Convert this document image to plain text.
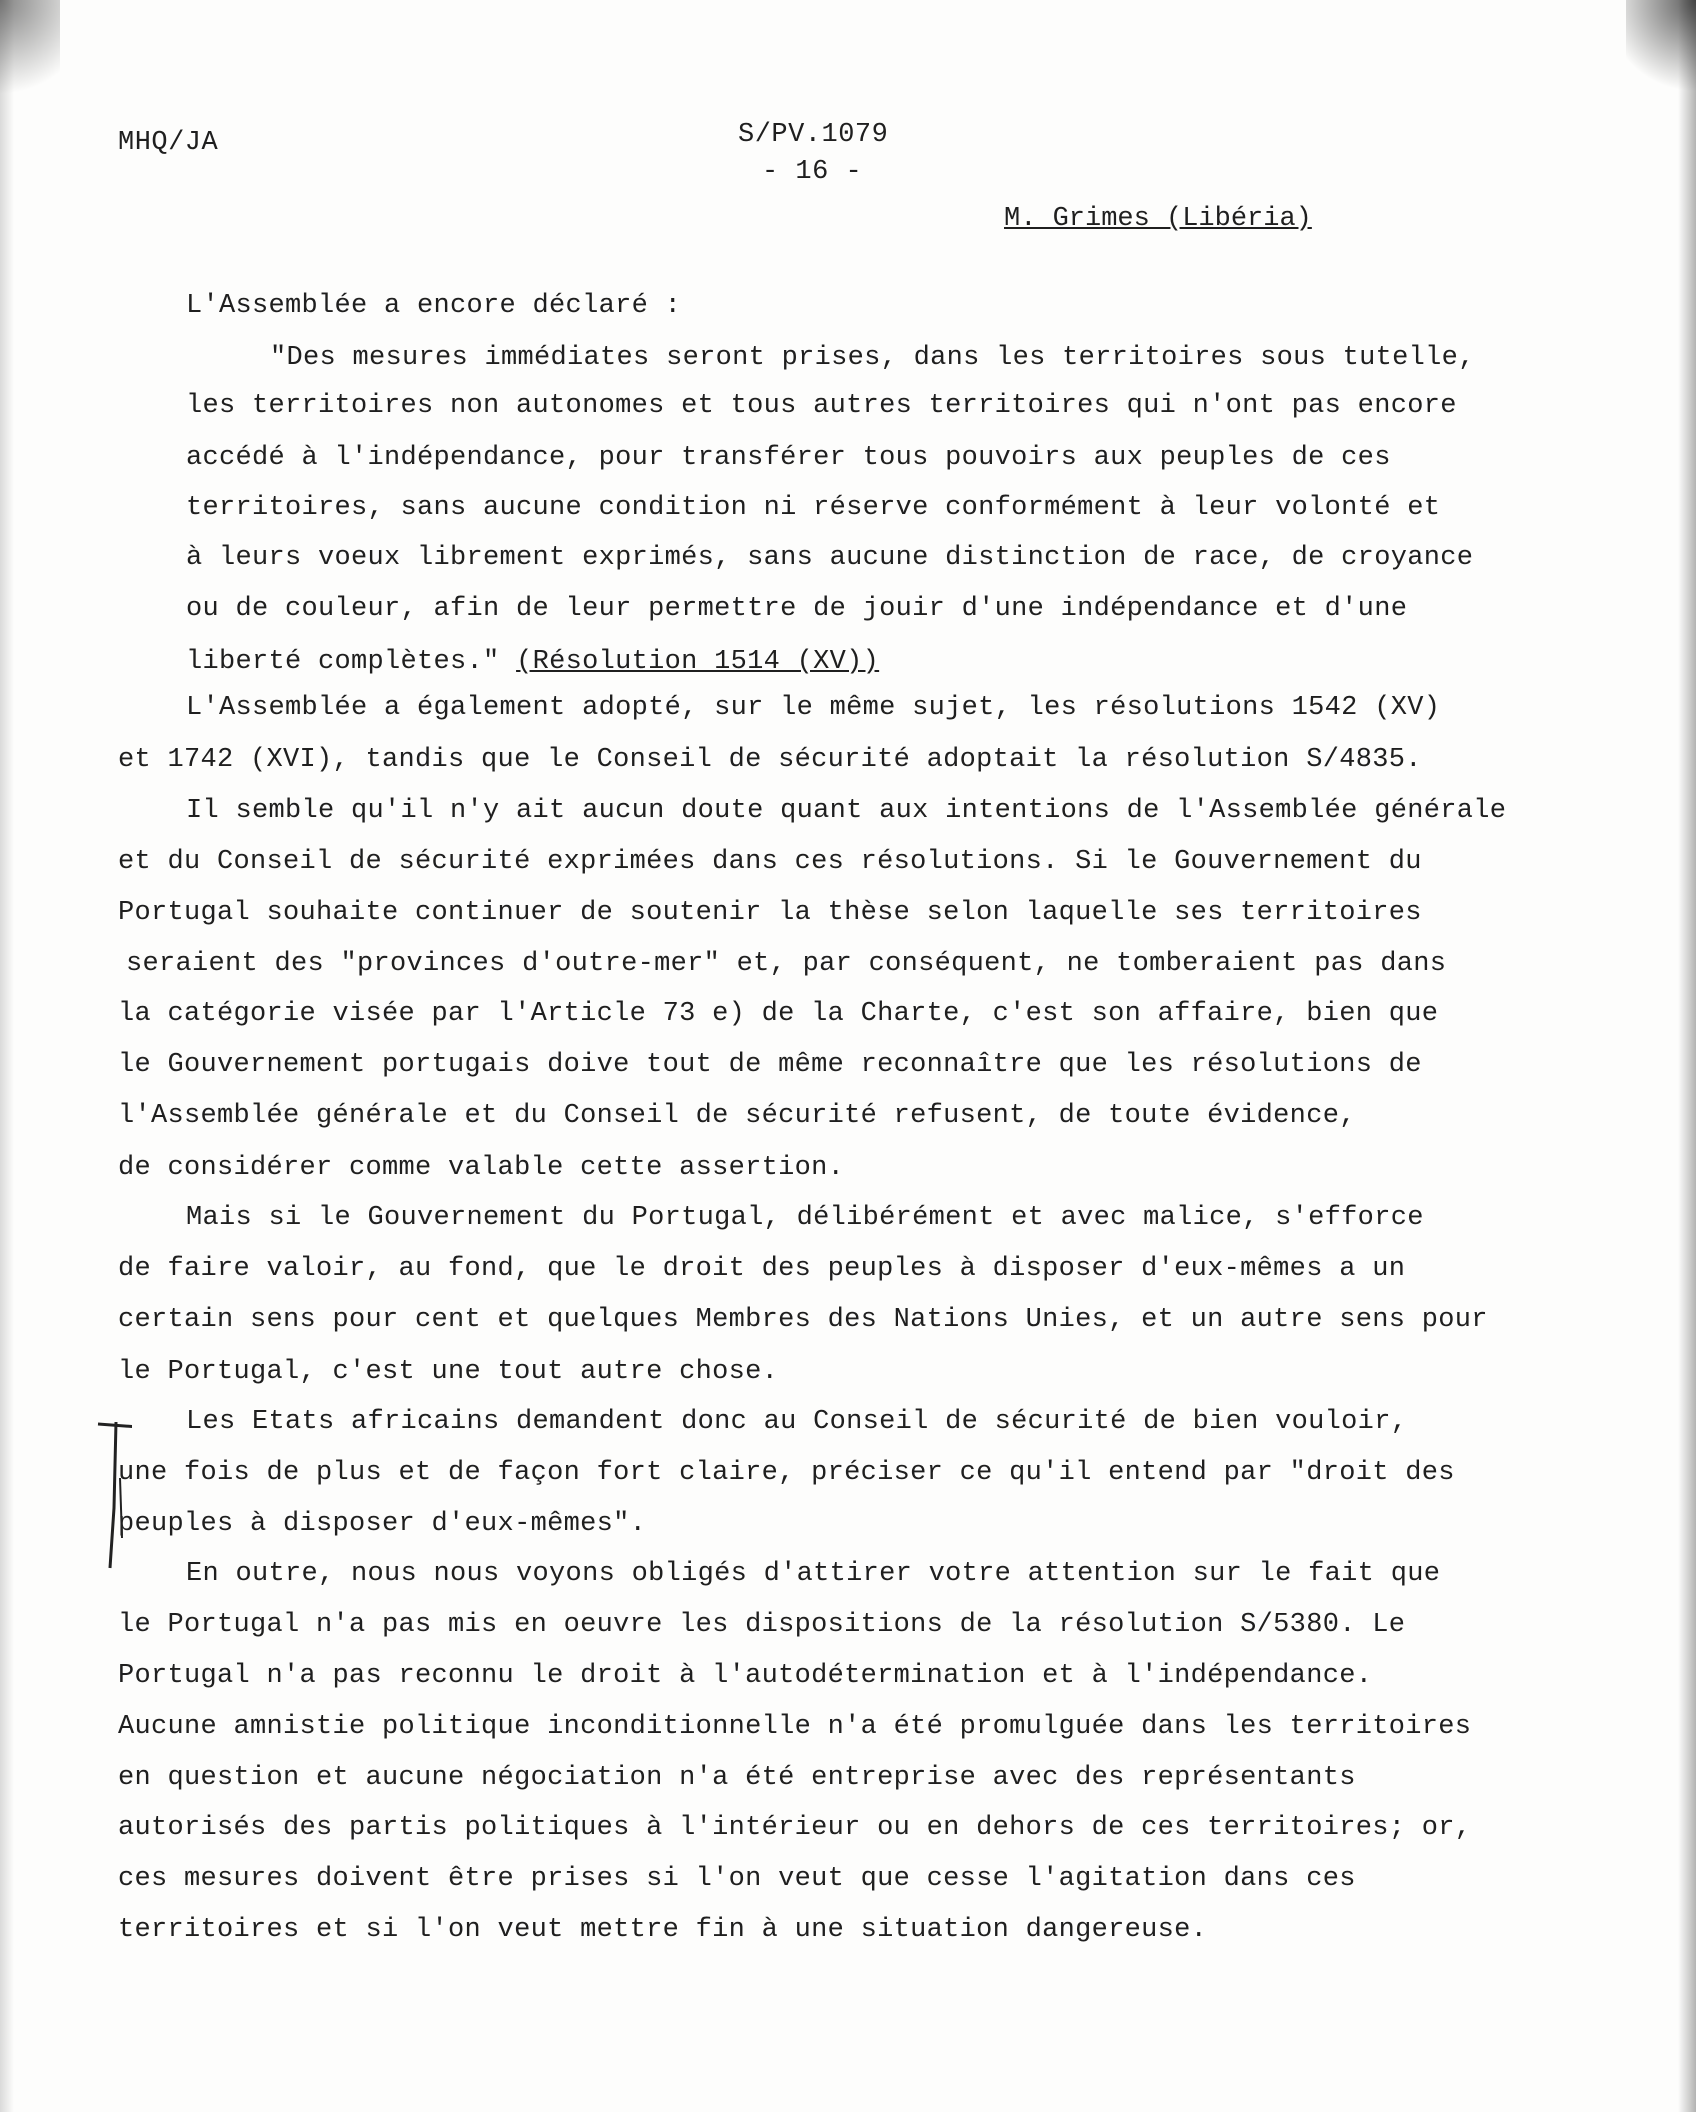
MHQ/JA	S/PV.1079
- 16 -
M. Grimes (Libéria)
L'Assemblée a encore déclaré :
"Des mesures immédiates seront prises, dans les territoires sous tutelle,
les territoires non autonomes et tous autres territoires qui n'ont pas encore
accédé à l'indépendance, pour transférer tous pouvoirs aux peuples de ces
territoires, sans aucune condition ni réserve conformément à leur volonté et
à leurs voeux librement exprimés, sans aucune distinction de race, de croyance
ou de couleur, afin de leur permettre de jouir d'une indépendance et d'une
liberté complètes." (Résolution 1514 (XV))
L'Assemblée a également adopté, sur le même sujet, les résolutions 1542 (XV)
et 1742 (XVI), tandis que le Conseil de sécurité adoptait la résolution S/4835.
Il semble qu'il n'y ait aucun doute quant aux intentions de l'Assemblée générale
et du Conseil de sécurité exprimées dans ces résolutions. Si le Gouvernement du
Portugal souhaite continuer de soutenir la thèse selon laquelle ses territoires
seraient des "provinces d'outre-mer" et, par conséquent, ne tomberaient pas dans
la catégorie visée par l'Article 73 e) de la Charte, c'est son affaire, bien que
le Gouvernement portugais doive tout de même reconnaître que les résolutions de
l'Assemblée générale et du Conseil de sécurité refusent, de toute évidence,
de considérer comme valable cette assertion.
Mais si le Gouvernement du Portugal, délibérément et avec malice, s'efforce
de faire valoir, au fond, que le droit des peuples à disposer d'eux-mêmes a un
certain sens pour cent et quelques Membres des Nations Unies, et un autre sens pour
le Portugal, c'est une tout autre chose.
Les Etats africains demandent donc au Conseil de sécurité de bien vouloir,
une fois de plus et de façon fort claire, préciser ce qu'il entend par "droit des
peuples à disposer d'eux-mêmes".
En outre, nous nous voyons obligés d'attirer votre attention sur le fait que
le Portugal n'a pas mis en oeuvre les dispositions de la résolution S/5380. Le
Portugal n'a pas reconnu le droit à l'autodétermination et à l'indépendance.
Aucune amnistie politique inconditionnelle n'a été promulguée dans les territoires
en question et aucune négociation n'a été entreprise avec des représentants
autorisés des partis politiques à l'intérieur ou en dehors de ces territoires; or,
ces mesures doivent être prises si l'on veut que cesse l'agitation dans ces
territoires et si l'on veut mettre fin à une situation dangereuse.
